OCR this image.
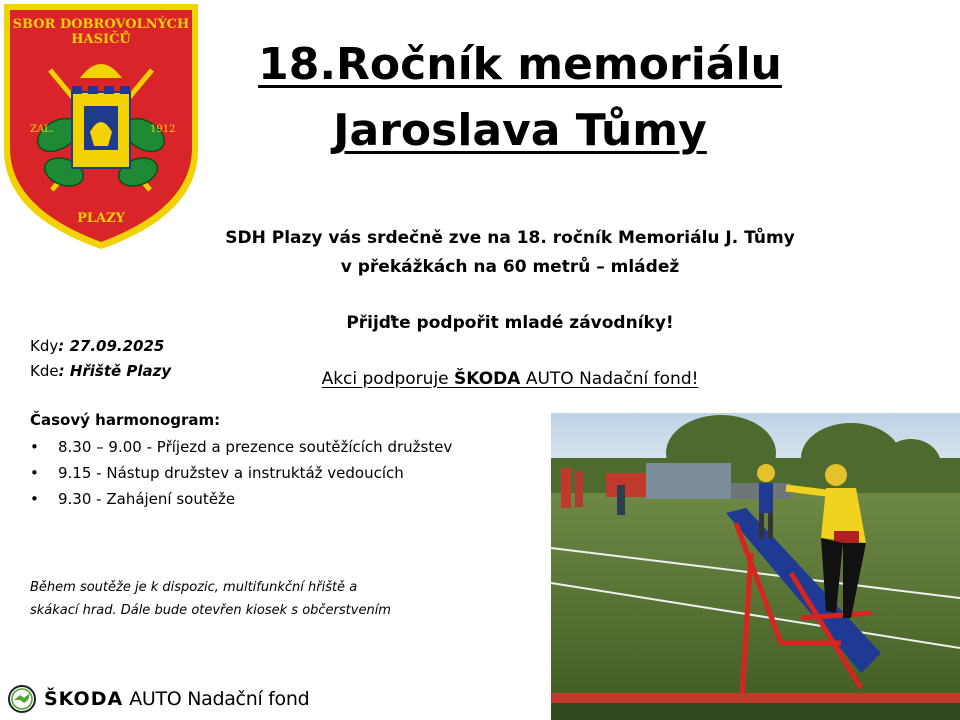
SBOR DOBROVOLNÝCH
HASIČŮ
ZAL.	1912
PLAZY
18.Ročník memoriálu
Jaroslava Tůmy
SDH Plazy vás srdečně zve na 18. ročník Memoriálu J. Tůmy
v překážkách na 60 metrů – mládež
Přijďte podpořit mladé závodníky!
Akci podporuje ŠKODA AUTO Nadační fond!
Kdy: 27.09.2025
Kde: Hřiště Plazy
Časový harmonogram:
• 8.30 – 9.00 - Příjezd a prezence soutěžících družstev
• 9.15 - Nástup družstev a instruktáž vedoucích
• 9.30 - Zahájení soutěže
Během soutěže je k dispozic, multifunkční hřiště a
skákací hrad. Dále bude otevřen kiosek s občerstvením
ŠKODA AUTO Nadační fond
